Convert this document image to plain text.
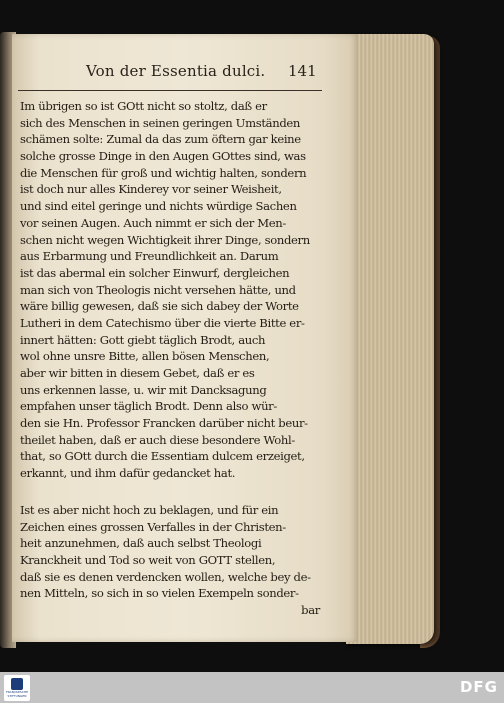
Von der Essentia dulci. 141
Im übrigen so ist GOtt nicht so stoltz, daß er
sich des Menschen in seinen geringen Umständen
schämen solte: Zumal da das zum öftern gar keine
solche grosse Dinge in den Augen GOttes sind, was
die Menschen für groß und wichtig halten, sondern
ist doch nur alles Kinderey vor seiner Weisheit,
und sind eitel geringe und nichts würdige Sachen
vor seinen Augen. Auch nimmt er sich der Men-
schen nicht wegen Wichtigkeit ihrer Dinge, sondern
aus Erbarmung und Freundlichkeit an. Darum
ist das abermal ein solcher Einwurf, dergleichen
man sich von Theologis nicht versehen hätte, und
wäre billig gewesen, daß sie sich dabey der Worte
Lutheri in dem Catechismo über die vierte Bitte er-
innert hätten: Gott giebt täglich Brodt, auch
wol ohne unsre Bitte, allen bösen Menschen,
aber wir bitten in diesem Gebet, daß er es
uns erkennen lasse, u. wir mit Dancksagung
empfahen unser täglich Brodt. Denn also wür-
den sie Hn. Professor Francken darüber nicht beur-
theilet haben, daß er auch diese besondere Wohl-
that, so GOtt durch die Essentiam dulcem erzeiget,
erkannt, und ihm dafür gedancket hat.
Ist es aber nicht hoch zu beklagen, und für ein
Zeichen eines grossen Verfalles in der Christen-
heit anzunehmen, daß auch selbst Theologi
Kranckheit und Tod so weit von GOTT stellen,
daß sie es denen verdencken wollen, welche bey de-
nen Mitteln, so sich in so vielen Exempeln sonder-
bar
FRANCKESCHE STIFTUNGEN	DFG
